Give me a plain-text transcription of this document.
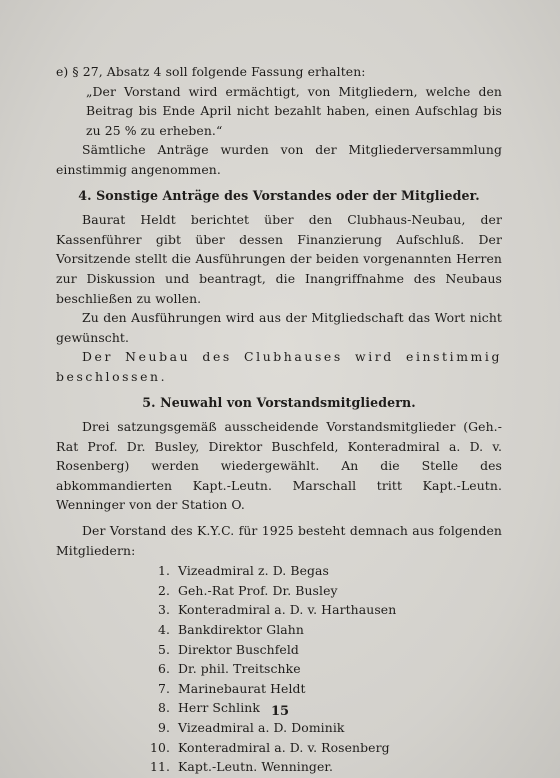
e) § 27, Absatz 4 soll folgende Fassung erhalten:

„Der Vorstand wird ermächtigt, von Mitgliedern, welche den Beitrag bis Ende April nicht bezahlt haben, einen Aufschlag bis zu 25 % zu erheben.“

Sämtliche Anträge wurden von der Mitgliederversammlung einstimmig angenommen.

4. Sonstige Anträge des Vorstandes oder der Mitglieder.

Baurat Heldt berichtet über den Clubhaus-Neubau, der Kassenführer gibt über dessen Finanzierung Aufschluß. Der Vorsitzende stellt die Ausführungen der beiden vorgenannten Herren zur Diskussion und beantragt, die Inangriffnahme des Neubaus beschließen zu wollen.

Zu den Ausführungen wird aus der Mitgliedschaft das Wort nicht gewünscht.

Der Neubau des Clubhauses wird einstimmig beschlossen.

5. Neuwahl von Vorstandsmitgliedern.

Drei satzungsgemäß ausscheidende Vorstandsmitglieder (Geh.-Rat Prof. Dr. Busley, Direktor Buschfeld, Konteradmiral a. D. v. Rosenberg) werden wiedergewählt. An die Stelle des abkommandierten Kapt.-Leutn. Marschall tritt Kapt.-Leutn. Wenninger von der Station O.

Der Vorstand des K.Y.C. für 1925 besteht demnach aus folgenden Mitgliedern:

1. Vizeadmiral z. D. Begas
2. Geh.-Rat Prof. Dr. Busley
3. Konteradmiral a. D. v. Harthausen
4. Bankdirektor Glahn
5. Direktor Buschfeld
6. Dr. phil. Treitschke
7. Marinebaurat Heldt
8. Herr Schlink
9. Vizeadmiral a. D. Dominik
10. Konteradmiral a. D. v. Rosenberg
11. Kapt.-Leutn. Wenninger.
15
